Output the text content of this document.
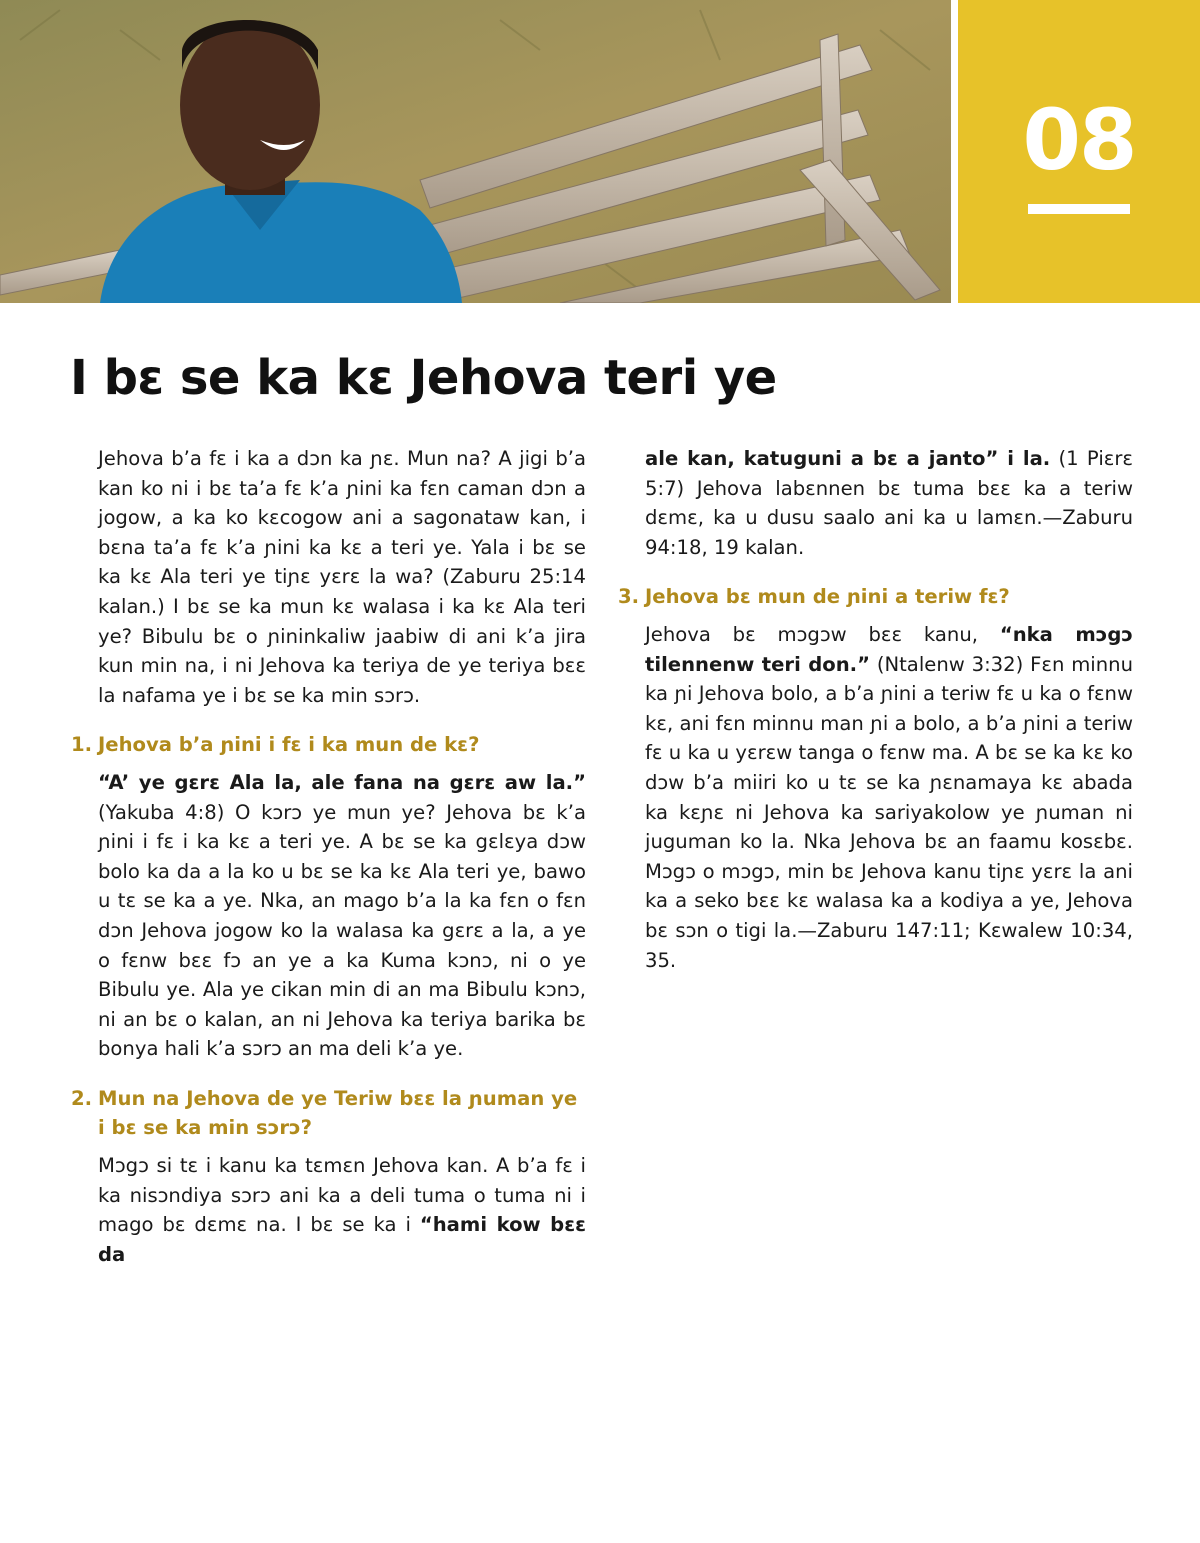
08
I bɛ se ka kɛ Jehova teri ye

Jehova b’a fɛ i ka a dɔn ka ɲɛ. Mun na? A jigi b’a kan ko ni i bɛ ta’a fɛ k’a ɲini ka fɛn caman dɔn a jogow, a ka ko kɛcogow ani a sagonataw kan, i bɛna ta’a fɛ k’a ɲini ka kɛ a teri ye. Yala i bɛ se ka kɛ Ala teri ye tiɲɛ yɛrɛ la wa? (Zaburu 25:14 kalan.) I bɛ se ka mun kɛ walasa i ka kɛ Ala teri ye? Bibulu bɛ o ɲininkaliw jaabiw di ani k’a jira kun min na, i ni Jehova ka teriya de ye teriya bɛɛ la nafama ye i bɛ se ka min sɔrɔ.

1. Jehova b’a ɲini i fɛ i ka mun de kɛ?

“A’ ye gɛrɛ Ala la, ale fana na gɛrɛ aw la.” (Yakuba 4:8) O kɔrɔ ye mun ye? Jehova bɛ k’a ɲini i fɛ i ka kɛ a teri ye. A bɛ se ka gɛlɛya dɔw bolo ka da a la ko u bɛ se ka kɛ Ala teri ye, bawo u tɛ se ka a ye. Nka, an mago b’a la ka fɛn o fɛn dɔn Jehova jogow ko la walasa ka gɛrɛ a la, a ye o fɛnw bɛɛ fɔ an ye a ka Kuma kɔnɔ, ni o ye Bibulu ye. Ala ye cikan min di an ma Bibulu kɔnɔ, ni an bɛ o kalan, an ni Jehova ka teriya barika bɛ bonya hali k’a sɔrɔ an ma deli k’a ye.

2. Mun na Jehova de ye Teriw bɛɛ la ɲuman ye i bɛ se ka min sɔrɔ?

Mɔgɔ si tɛ i kanu ka tɛmɛn Jehova kan. A b’a fɛ i ka nisɔndiya sɔrɔ ani ka a deli tuma o tuma ni i mago bɛ dɛmɛ na. I bɛ se ka i “hami kow bɛɛ da

ale kan, katuguni a bɛ a janto” i la. (1 Piɛrɛ 5:7) Jehova labɛnnen bɛ tuma bɛɛ ka a teriw dɛmɛ, ka u dusu saalo ani ka u lamɛn.—Zaburu 94:18, 19 kalan.

3. Jehova bɛ mun de ɲini a teriw fɛ?

Jehova bɛ mɔgɔw bɛɛ kanu, “nka mɔgɔ tilennenw teri don.” (Ntalenw 3:32) Fɛn minnu ka ɲi Jehova bolo, a b’a ɲini a teriw fɛ u ka o fɛnw kɛ, ani fɛn minnu man ɲi a bolo, a b’a ɲini a teriw fɛ u ka u yɛrɛw tanga o fɛnw ma. A bɛ se ka kɛ ko dɔw b’a miiri ko u tɛ se ka ɲɛnamaya kɛ abada ka kɛɲɛ ni Jehova ka sariyakolow ye ɲuman ni juguman ko la. Nka Jehova bɛ an faamu kosɛbɛ. Mɔgɔ o mɔgɔ, min bɛ Jehova kanu tiɲɛ yɛrɛ la ani ka a seko bɛɛ kɛ walasa ka a kodiya a ye, Jehova bɛ sɔn o tigi la.—Zaburu 147:11; Kɛwalew 10:34, 35.
